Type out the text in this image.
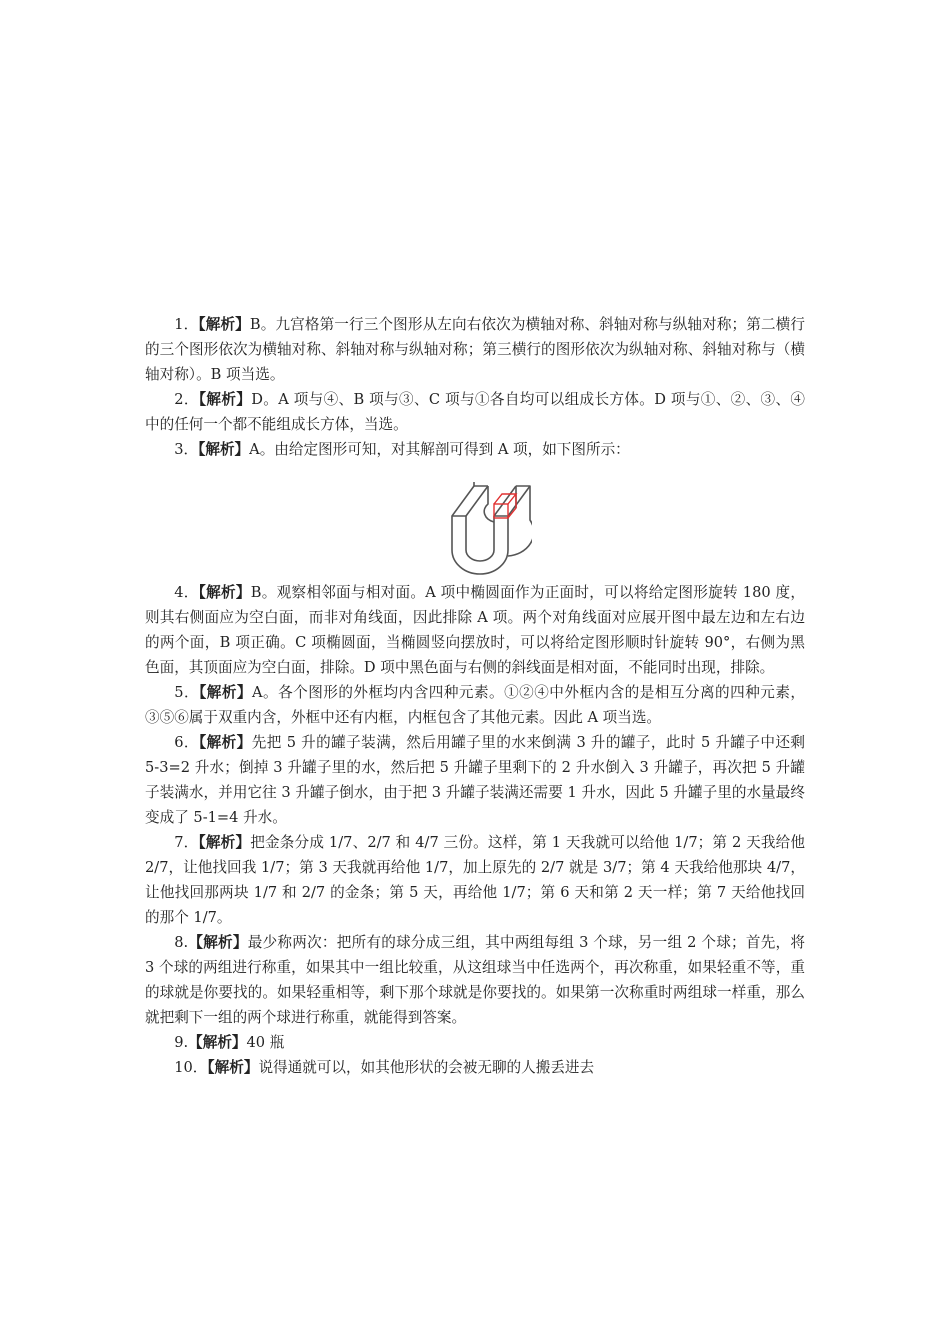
1．【解析】B。九宫格第一行三个图形从左向右依次为横轴对称、斜轴对称与纵轴对称；第二横行的三个图形依次为横轴对称、斜轴对称与纵轴对称；第三横行的图形依次为纵轴对称、斜轴对称与（横轴对称）。B 项当选。

2．【解析】D。A 项与④、B 项与③、C 项与①各自均可以组成长方体。D 项与①、②、③、④中的任何一个都不能组成长方体，当选。

3．【解析】A。由给定图形可知，对其解剖可得到 A 项，如下图所示：

4．【解析】B。观察相邻面与相对面。A 项中椭圆面作为正面时，可以将给定图形旋转 180 度，则其右侧面应为空白面，而非对角线面，因此排除 A 项。两个对角线面对应展开图中最左边和左右边的两个面，B 项正确。C 项椭圆面，当椭圆竖向摆放时，可以将给定图形顺时针旋转 90°，右侧为黑色面，其顶面应为空白面，排除。D 项中黑色面与右侧的斜线面是相对面，不能同时出现，排除。

5．【解析】A。各个图形的外框均内含四种元素。①②④中外框内含的是相互分离的四种元素，③⑤⑥属于双重内含，外框中还有内框，内框包含了其他元素。因此 A 项当选。

6．【解析】先把 5 升的罐子装满，然后用罐子里的水来倒满 3 升的罐子，此时 5 升罐子中还剩 5-3=2 升水；倒掉 3 升罐子里的水，然后把 5 升罐子里剩下的 2 升水倒入 3 升罐子，再次把 5 升罐子装满水，并用它往 3 升罐子倒水，由于把 3 升罐子装满还需要 1 升水，因此 5 升罐子里的水量最终变成了 5-1=4 升水。

7．【解析】把金条分成 1/7、2/7 和 4/7 三份。这样，第 1 天我就可以给他 1/7；第 2 天我给他 2/7，让他找回我 1/7；第 3 天我就再给他 1/7，加上原先的 2/7 就是 3/7；第 4 天我给他那块 4/7，让他找回那两块 1/7 和 2/7 的金条；第 5 天，再给他 1/7；第 6 天和第 2 天一样；第 7 天给他找回的那个 1/7。

8.【解析】最少称两次：把所有的球分成三组，其中两组每组 3 个球，另一组 2 个球；首先，将 3 个球的两组进行称重，如果其中一组比较重，从这组球当中任选两个，再次称重，如果轻重不等，重的球就是你要找的。如果轻重相等，剩下那个球就是你要找的。如果第一次称重时两组球一样重，那么就把剩下一组的两个球进行称重，就能得到答案。

9.【解析】40 瓶

10．【解析】说得通就可以，如其他形状的会被无聊的人搬丢进去
